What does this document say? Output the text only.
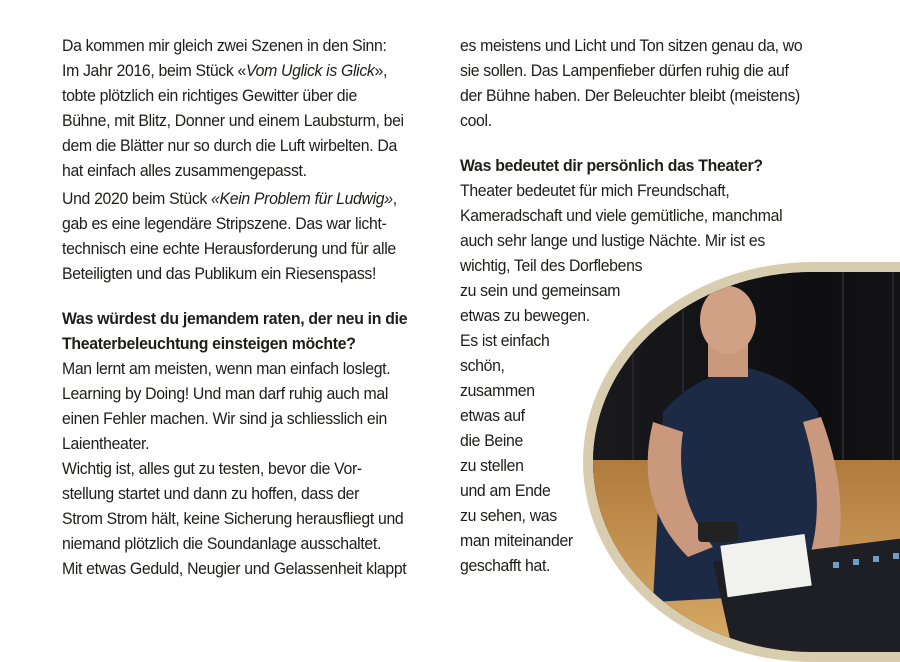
Da kommen mir gleich zwei Szenen in den Sinn:
Im Jahr 2016, beim Stück «Vom Uglick is Glick»,
tobte plötzlich ein richtiges Gewitter über die
Bühne, mit Blitz, Donner und einem Laubsturm, bei
dem die Blätter nur so durch die Luft wirbelten. Da
hat einfach alles zusammengepasst.
Und 2020 beim Stück «Kein Problem für Ludwig»,
gab es eine legendäre Stripszene. Das war licht-
technisch eine echte Herausforderung und für alle
Beteiligten und das Publikum ein Riesenspass!
Was würdest du jemandem raten, der neu in die
Theaterbeleuchtung einsteigen möchte?
Man lernt am meisten, wenn man einfach loslegt.
Learning by Doing! Und man darf ruhig auch mal
einen Fehler machen. Wir sind ja schliesslich ein
Laientheater.
Wichtig ist, alles gut zu testen, bevor die Vor-
stellung startet und dann zu hoffen, dass der
Strom Strom hält, keine Sicherung herausfliegt und
niemand plötzlich die Soundanlage ausschaltet.
Mit etwas Geduld, Neugier und Gelassenheit klappt
es meistens und Licht und Ton sitzen genau da, wo
sie sollen. Das Lampenfieber dürfen ruhig die auf
der Bühne haben. Der Beleuchter bleibt (meistens)
cool.
Was bedeutet dir persönlich das Theater?
Theater bedeutet für mich Freundschaft,
Kameradschaft und viele gemütliche, manchmal
auch sehr lange und lustige Nächte. Mir ist es
wichtig, Teil des Dorflebens
zu sein und gemeinsam
etwas zu bewegen.
Es ist einfach
schön,
zusammen
etwas auf
die Beine
zu stellen
und am Ende
zu sehen, was
man miteinander
geschafft hat.
